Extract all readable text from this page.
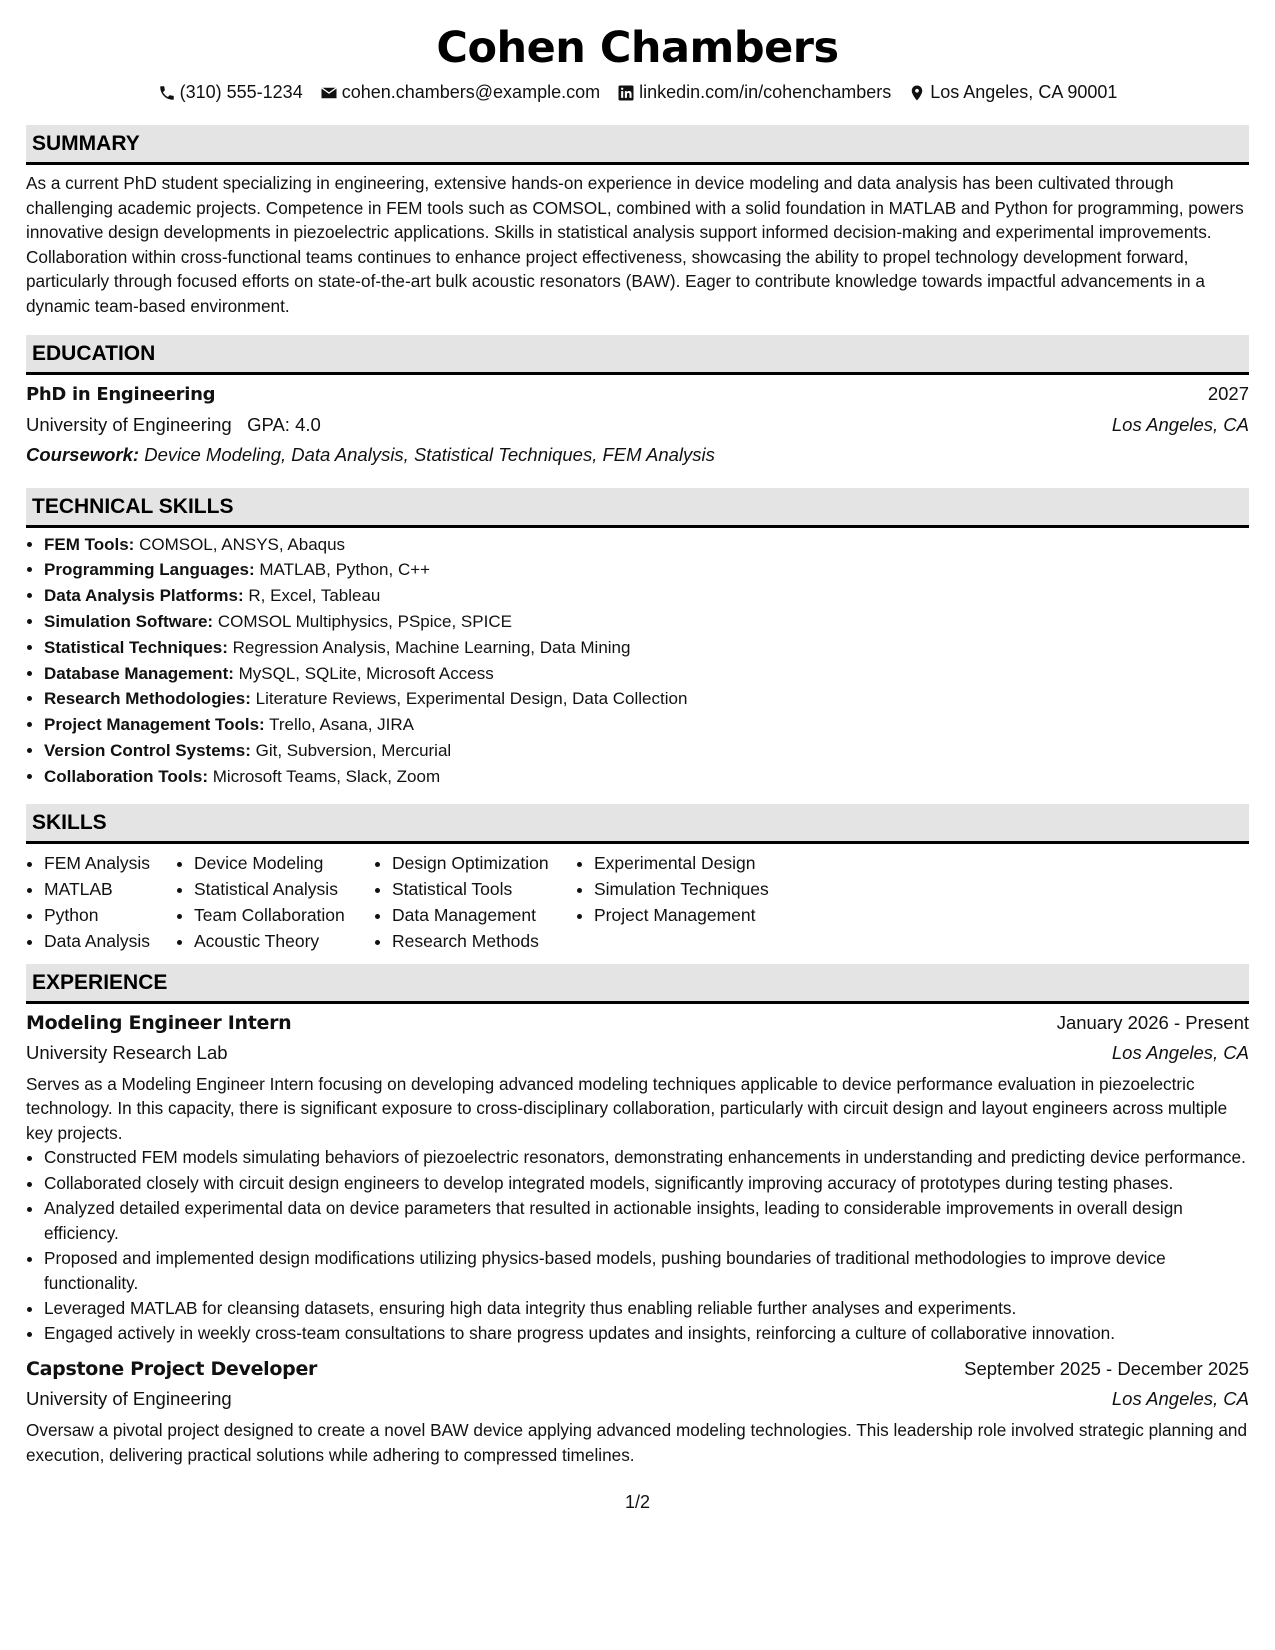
Cohen Chambers
(310) 555-1234 cohen.chambers@example.com linkedin.com/in/cohenchambers Los Angeles, CA 90001
SUMMARY

As a current PhD student specializing in engineering, extensive hands-on experience in device modeling and data analysis has been cultivated through challenging academic projects. Competence in FEM tools such as COMSOL, combined with a solid foundation in MATLAB and Python for programming, powers innovative design developments in piezoelectric applications. Skills in statistical analysis support informed decision-making and experimental improvements. Collaboration within cross-functional teams continues to enhance project effectiveness, showcasing the ability to propel technology development forward, particularly through focused efforts on state-of-the-art bulk acoustic resonators (BAW). Eager to contribute knowledge towards impactful advancements in a dynamic team-based environment.

EDUCATION
PhD in Engineering	2027
University of Engineering GPA: 4.0	Los Angeles, CA
Coursework: Device Modeling, Data Analysis, Statistical Techniques, FEM Analysis
TECHNICAL SKILLS
• FEM Tools: COMSOL, ANSYS, Abaqus
• Programming Languages: MATLAB, Python, C++
• Data Analysis Platforms: R, Excel, Tableau
• Simulation Software: COMSOL Multiphysics, PSpice, SPICE
• Statistical Techniques: Regression Analysis, Machine Learning, Data Mining
• Database Management: MySQL, SQLite, Microsoft Access
• Research Methodologies: Literature Reviews, Experimental Design, Data Collection
• Project Management Tools: Trello, Asana, JIRA
• Version Control Systems: Git, Subversion, Mercurial
• Collaboration Tools: Microsoft Teams, Slack, Zoom
SKILLS
• FEM Analysis
• MATLAB
• Python
• Data Analysis
• Device Modeling
• Statistical Analysis
• Team Collaboration
• Acoustic Theory
• Design Optimization
• Statistical Tools
• Data Management
• Research Methods
• Experimental Design
• Simulation Techniques
• Project Management
EXPERIENCE
Modeling Engineer Intern	January 2026 - Present
University Research Lab	Los Angeles, CA

Serves as a Modeling Engineer Intern focusing on developing advanced modeling techniques applicable to device performance evaluation in piezoelectric technology. In this capacity, there is significant exposure to cross-disciplinary collaboration, particularly with circuit design and layout engineers across multiple key projects.

• Constructed FEM models simulating behaviors of piezoelectric resonators, demonstrating enhancements in understanding and predicting device performance.
• Collaborated closely with circuit design engineers to develop integrated models, significantly improving accuracy of prototypes during testing phases.
• Analyzed detailed experimental data on device parameters that resulted in actionable insights, leading to considerable improvements in overall design efficiency.
• Proposed and implemented design modifications utilizing physics-based models, pushing boundaries of traditional methodologies to improve device functionality.
• Leveraged MATLAB for cleansing datasets, ensuring high data integrity thus enabling reliable further analyses and experiments.
• Engaged actively in weekly cross-team consultations to share progress updates and insights, reinforcing a culture of collaborative innovation.
Capstone Project Developer	September 2025 - December 2025
University of Engineering	Los Angeles, CA

Oversaw a pivotal project designed to create a novel BAW device applying advanced modeling technologies. This leadership role involved strategic planning and execution, delivering practical solutions while adhering to compressed timelines.

1/2
